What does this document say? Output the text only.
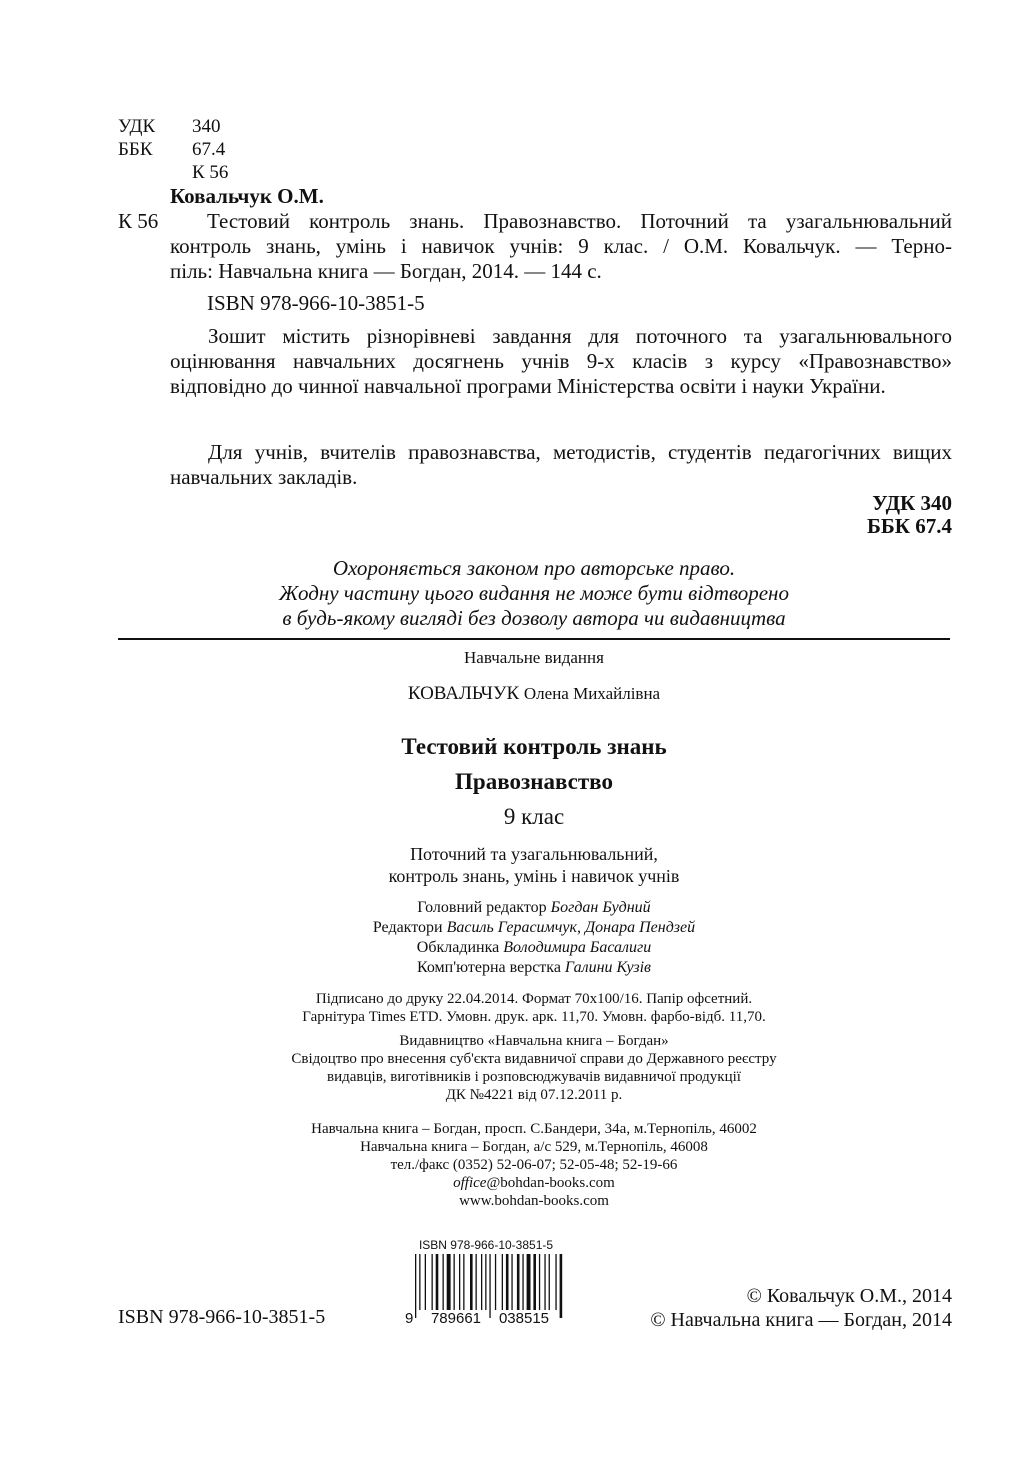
УДК 340
ББК 67.4
К 56
Ковальчук О.М.
К 56 Тестовий контроль знань. Правознавство. Поточний та узагальнювальний
контроль знань, умінь і навичок учнів: 9 клас. / О.М. Ковальчук. — Терно-
піль: Навчальна книга — Богдан, 2014. — 144 с.
ISBN 978-966-10-3851-5
Зошит містить різнорівневі завдання для поточного та узагальнювального оцінювання навчальних досягнень учнів 9-х класів з курсу «Правознавство» відповідно до чинної навчальної програми Міністерства освіти і науки України.
Для учнів, вчителів правознавства, методистів, студентів педагогічних вищих навчальних закладів.
УДК 340
ББК 67.4
Охороняється законом про авторське право.
Жодну частину цього видання не може бути відтворено
в будь-якому вигляді без дозволу автора чи видавництва
Навчальне видання
КОВАЛЬЧУК Олена Михайлівна
Тестовий контроль знань
Правознавство
9 клас
Поточний та узагальнювальний,
контроль знань, умінь і навичок учнів
Головний редактор Богдан Будний
Редактори Василь Герасимчук, Донара Пендзей
Обкладинка Володимира Басалиги
Комп'ютерна верстка Галини Кузів
Підписано до друку 22.04.2014. Формат 70x100/16. Папір офсетний.
Гарнітура Times ETD. Умовн. друк. арк. 11,70. Умовн. фарбо-відб. 11,70.
Видавництво «Навчальна книга – Богдан»
Свідоцтво про внесення суб'єкта видавничої справи до Державного реєстру
видавців, виготівників і розповсюджувачів видавничої продукції
ДК №4221 від 07.12.2011 р.
Навчальна книга – Богдан, просп. С.Бандери, 34а, м.Тернопіль, 46002
Навчальна книга – Богдан, а/с 529, м.Тернопіль, 46008
тел./факс (0352) 52-06-07; 52-05-48; 52-19-66
office@bohdan-books.com
www.bohdan-books.com
ISBN 978-966-10-3851-5
ISBN 978-966-10-3851-5
9	789661	038515
© Ковальчук О.М., 2014
© Навчальна книга — Богдан, 2014
